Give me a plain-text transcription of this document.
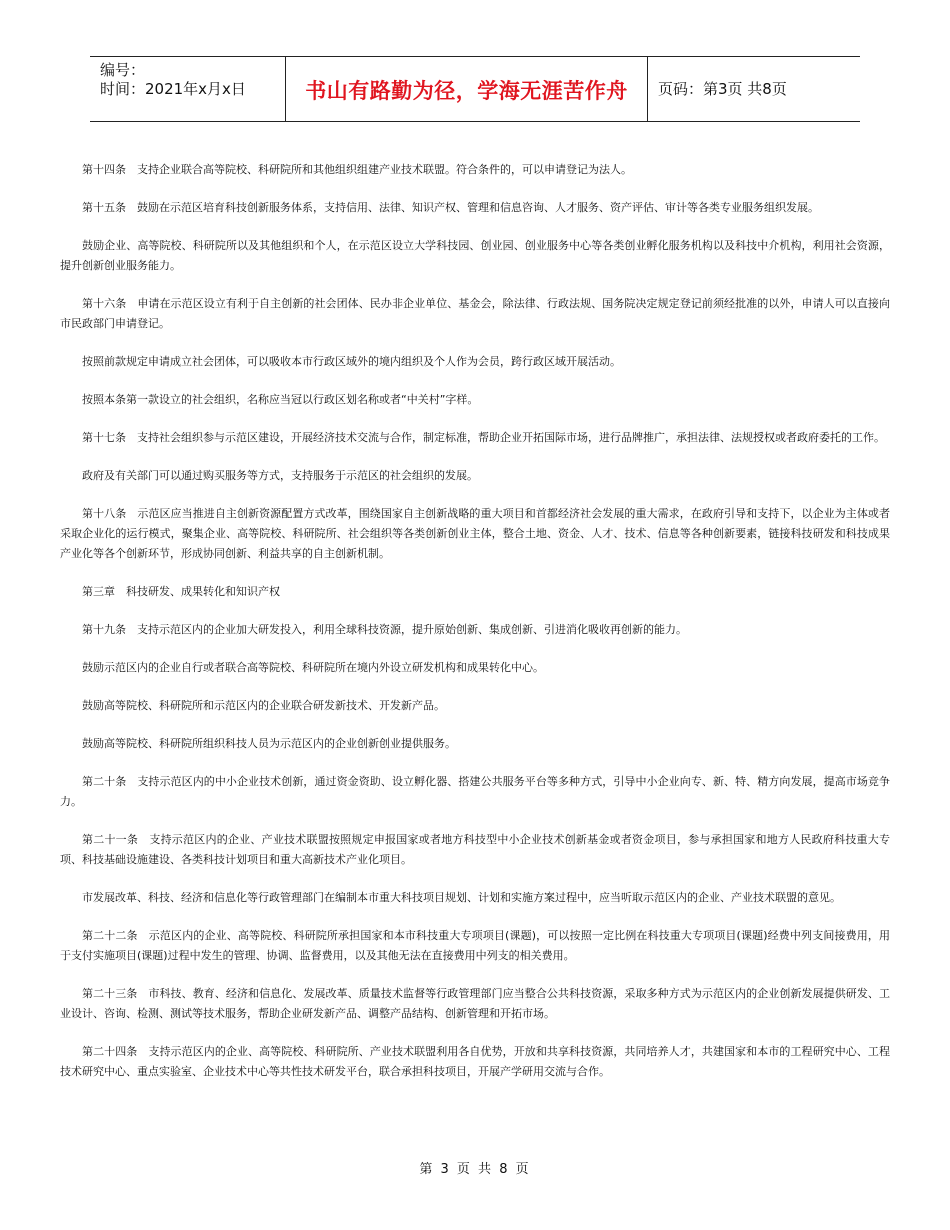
编号：
时间：2021年x月x日	书山有路勤为径，学海无涯苦作舟	页码：第3页 共8页

第十四条　支持企业联合高等院校、科研院所和其他组织组建产业技术联盟。符合条件的，可以申请登记为法人。

第十五条　鼓励在示范区培育科技创新服务体系，支持信用、法律、知识产权、管理和信息咨询、人才服务、资产评估、审计等各类专业服务组织发展。

鼓励企业、高等院校、科研院所以及其他组织和个人，在示范区设立大学科技园、创业园、创业服务中心等各类创业孵化服务机构以及科技中介机构，利用社会资源，提升创新创业服务能力。

第十六条　申请在示范区设立有利于自主创新的社会团体、民办非企业单位、基金会，除法律、行政法规、国务院决定规定登记前须经批准的以外，申请人可以直接向市民政部门申请登记。

按照前款规定申请成立社会团体，可以吸收本市行政区域外的境内组织及个人作为会员，跨行政区域开展活动。

按照本条第一款设立的社会组织，名称应当冠以行政区划名称或者“中关村”字样。

第十七条　支持社会组织参与示范区建设，开展经济技术交流与合作，制定标准，帮助企业开拓国际市场，进行品牌推广，承担法律、法规授权或者政府委托的工作。

政府及有关部门可以通过购买服务等方式，支持服务于示范区的社会组织的发展。

第十八条　示范区应当推进自主创新资源配置方式改革，围绕国家自主创新战略的重大项目和首都经济社会发展的重大需求，在政府引导和支持下，以企业为主体或者采取企业化的运行模式，聚集企业、高等院校、科研院所、社会组织等各类创新创业主体，整合土地、资金、人才、技术、信息等各种创新要素，链接科技研发和科技成果产业化等各个创新环节，形成协同创新、利益共享的自主创新机制。

第三章　科技研发、成果转化和知识产权

第十九条　支持示范区内的企业加大研发投入，利用全球科技资源，提升原始创新、集成创新、引进消化吸收再创新的能力。

鼓励示范区内的企业自行或者联合高等院校、科研院所在境内外设立研发机构和成果转化中心。

鼓励高等院校、科研院所和示范区内的企业联合研发新技术、开发新产品。

鼓励高等院校、科研院所组织科技人员为示范区内的企业创新创业提供服务。

第二十条　支持示范区内的中小企业技术创新，通过资金资助、设立孵化器、搭建公共服务平台等多种方式，引导中小企业向专、新、特、精方向发展，提高市场竞争力。

第二十一条　支持示范区内的企业、产业技术联盟按照规定申报国家或者地方科技型中小企业技术创新基金或者资金项目，参与承担国家和地方人民政府科技重大专项、科技基础设施建设、各类科技计划项目和重大高新技术产业化项目。

市发展改革、科技、经济和信息化等行政管理部门在编制本市重大科技项目规划、计划和实施方案过程中，应当听取示范区内的企业、产业技术联盟的意见。

第二十二条　示范区内的企业、高等院校、科研院所承担国家和本市科技重大专项项目(课题)，可以按照一定比例在科技重大专项项目(课题)经费中列支间接费用，用于支付实施项目(课题)过程中发生的管理、协调、监督费用，以及其他无法在直接费用中列支的相关费用。

第二十三条　市科技、教育、经济和信息化、发展改革、质量技术监督等行政管理部门应当整合公共科技资源，采取多种方式为示范区内的企业创新发展提供研发、工业设计、咨询、检测、测试等技术服务，帮助企业研发新产品、调整产品结构、创新管理和开拓市场。

第二十四条　支持示范区内的企业、高等院校、科研院所、产业技术联盟利用各自优势，开放和共享科技资源，共同培养人才，共建国家和本市的工程研究中心、工程技术研究中心、重点实验室、企业技术中心等共性技术研发平台，联合承担科技项目，开展产学研用交流与合作。

第 3 页 共 8 页
